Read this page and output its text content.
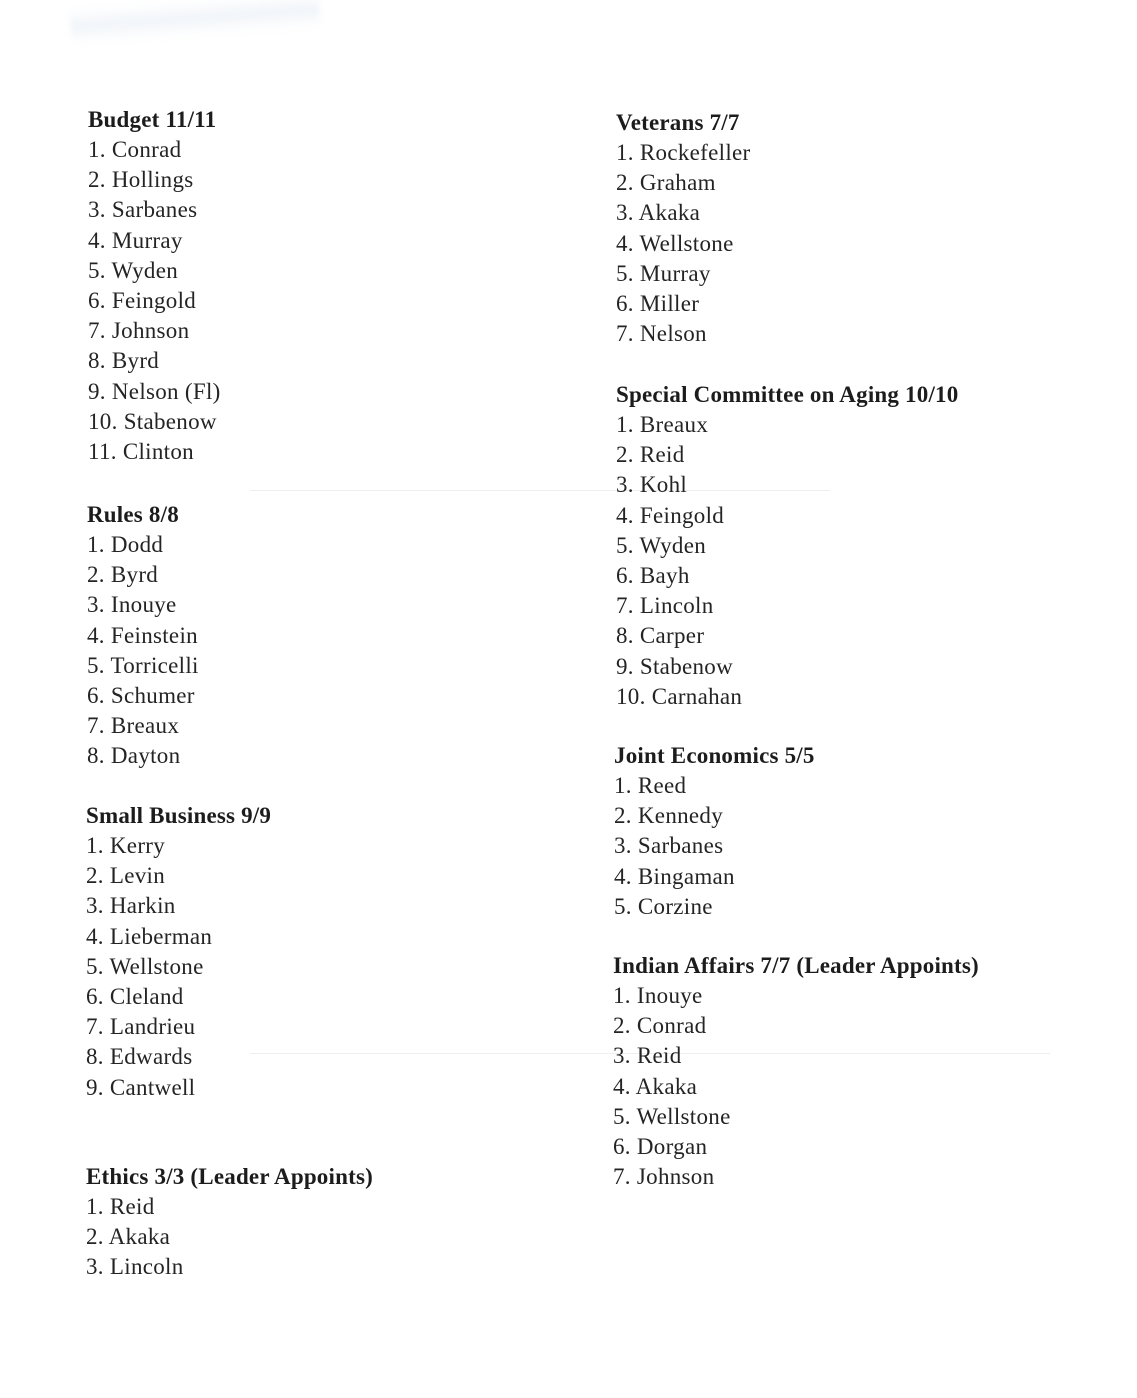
Budget 11/11
1. Conrad
2. Hollings
3. Sarbanes
4. Murray
5. Wyden
6. Feingold
7. Johnson
8. Byrd
9. Nelson (Fl)
10. Stabenow
11. Clinton
Rules 8/8
1. Dodd
2. Byrd
3. Inouye
4. Feinstein
5. Torricelli
6. Schumer
7. Breaux
8. Dayton
Small Business 9/9
1. Kerry
2. Levin
3. Harkin
4. Lieberman
5. Wellstone
6. Cleland
7. Landrieu
8. Edwards
9. Cantwell
Ethics 3/3 (Leader Appoints)
1. Reid
2. Akaka
3. Lincoln
Veterans 7/7
1. Rockefeller
2. Graham
3. Akaka
4. Wellstone
5. Murray
6. Miller
7. Nelson
Special Committee on Aging 10/10
1. Breaux
2. Reid
3. Kohl
4. Feingold
5. Wyden
6. Bayh
7. Lincoln
8. Carper
9. Stabenow
10. Carnahan
Joint Economics 5/5
1. Reed
2. Kennedy
3. Sarbanes
4. Bingaman
5. Corzine
Indian Affairs 7/7 (Leader Appoints)
1. Inouye
2. Conrad
3. Reid
4. Akaka
5. Wellstone
6. Dorgan
7. Johnson
